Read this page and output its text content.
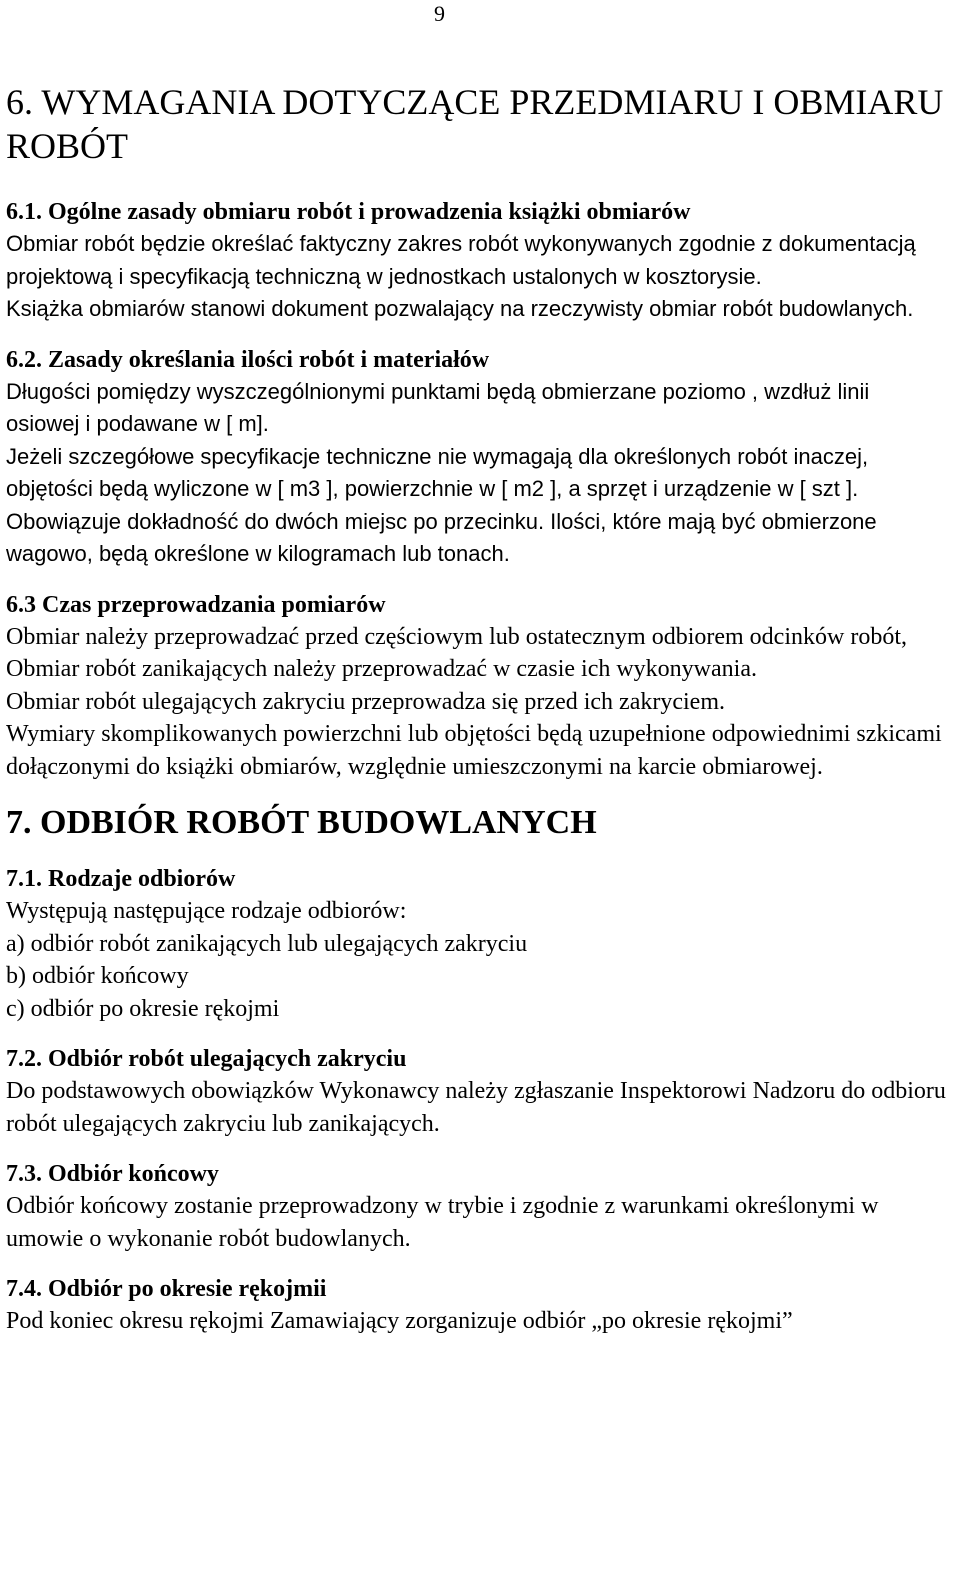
9
6. WYMAGANIA DOTYCZĄCE PRZEDMIARU I OBMIARU ROBÓT
6.1. Ogólne zasady obmiaru robót i prowadzenia książki obmiarów

Obmiar robót będzie określać faktyczny zakres robót wykonywanych zgodnie z dokumentacją projektową i specyfikacją techniczną w jednostkach ustalonych w kosztorysie.

Książka obmiarów stanowi dokument pozwalający na rzeczywisty obmiar robót budowlanych.

6.2. Zasady określania ilości robót i materiałów

Długości pomiędzy wyszczególnionymi punktami będą obmierzane poziomo , wzdłuż linii osiowej i podawane w [ m].

Jeżeli szczegółowe specyfikacje techniczne nie wymagają dla określonych robót inaczej, objętości będą wyliczone w [ m3 ], powierzchnie w [ m2 ], a sprzęt i urządzenie w [ szt ]. Obowiązuje dokładność do dwóch miejsc po przecinku. Ilości, które mają być obmierzone wagowo, będą określone w kilogramach lub tonach.

6.3 Czas przeprowadzania pomiarów

Obmiar należy przeprowadzać przed częściowym lub ostatecznym odbiorem odcinków robót,

Obmiar robót zanikających należy przeprowadzać w czasie ich wykonywania.

Obmiar robót ulegających zakryciu przeprowadza się przed ich zakryciem.

Wymiary skomplikowanych powierzchni lub objętości będą uzupełnione odpowiednimi szkicami dołączonymi do książki obmiarów, względnie umieszczonymi na karcie obmiarowej.

7. ODBIÓR ROBÓT BUDOWLANYCH
7.1. Rodzaje odbiorów

Występują następujące rodzaje odbiorów:

a) odbiór robót zanikających lub ulegających zakryciu
b) odbiór końcowy
c) odbiór po okresie rękojmi
7.2. Odbiór robót ulegających zakryciu

Do podstawowych obowiązków Wykonawcy należy zgłaszanie Inspektorowi Nadzoru do odbioru robót ulegających zakryciu lub zanikających.

7.3. Odbiór końcowy

Odbiór końcowy zostanie przeprowadzony w trybie i zgodnie z warunkami określonymi w umowie o wykonanie robót budowlanych.

7.4. Odbiór po okresie rękojmii

Pod koniec okresu rękojmi Zamawiający zorganizuje odbiór „po okresie rękojmi”
